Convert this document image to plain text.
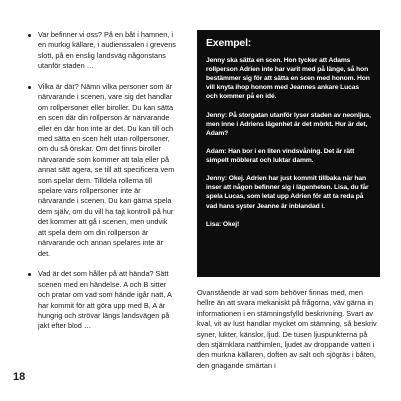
Var befinner vi oss? På en båt i hamnen, i en murkig källare, i audienssalen i grevens slott, på en enslig landsväg någonstans utanför staden …
Vilka är där? Nämn vilka personer som är närvarande i scenen, vare sig det handlar om rollpersoner eller biroller. Du kan sätta en scen där din rollperson är närvarande eller en där hon inte är det. Du kan till och med sätta en scen helt utan rollpersoner, om du så önskar. Om det finns biroller närvarande som kommer att tala eller på annat sätt agera, se till att specificera vem som spelar dem. Tilldela rollerna till spelare vars rollpersoner inte är närvarande i scenen. Du kan gärna spela dem själv, om du vill ha tajt kontroll på hur det kommer att gå i scenen, men undvik att spela dem om din rollperson är närvarande och annan spelares inte är det.
Vad är det som håller på att hända? Sätt scenen med en händelse. A och B sitter och pratar om vad som hände igår natt, A har kommit för att göra upp med B, A är hungrig och strövar längs landsvägen på jakt efter blod …
Exempel:

Jenny ska sätta en scen. Hon tycker att Adams rollperson Adrien inte har varit med på länge, så hon bestämmer sig för att sätta en scen med honom. Hon vill knyta ihop honom med Jeannes ankare Lucas och kommer på en idé.

Jenny: På storgatan utanför lyser staden av neonljus, men inne i Adriens lägenhet är det mörkt. Hur är det, Adam?

Adam: Han bor i en liten vindsvåning. Det är rätt simpelt möblerat och luktar damm.

Jenny: Okej. Adrien har just kommit tillbaka när han inser att någon befinner sig i lägenheten. Lisa, du får spela Lucas, som letat upp Adrien för att ta reda på vad hans syster Jeanne är inblandad i.

Lisa: Okej!

Ovanstående är vad som behöver finnas med, men hellre än att svara mekaniskt på frågorna, väv gärna in informationen i en stämningsfylld beskrivning. Svart av kval, vit av lust handlar mycket om stämning, så beskriv syner, lukter, känslor, ljud. De tusen ljuspunkterna på den stjärnklara natthimlen, ljudet av droppande vatten i den murkna källaren, doften av salt och sjögräs i båten, den gnagande smärtan i

18
